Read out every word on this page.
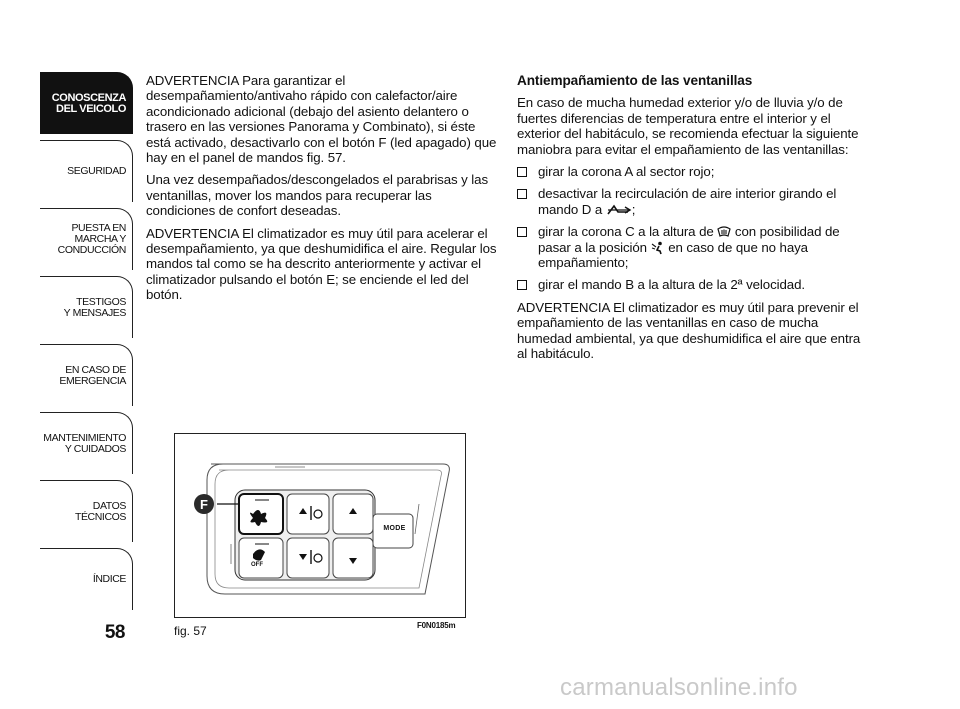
CONOSCENZA
DEL VEICOLO
SEGURIDAD
PUESTA EN
MARCHA Y
CONDUCCIÓN
TESTIGOS
Y MENSAJES
EN CASO DE
EMERGENCIA
MANTENIMIENTO
Y CUIDADOS
DATOS
TÉCNICOS
ÍNDICE
58

ADVERTENCIA Para garantizar el desempañamiento/antivaho rápido con calefactor/aire acondicionado adicional (debajo del asiento delantero o trasero en las versiones Panorama y Combinato), si éste está activado, desactivarlo con el botón F (led apagado) que hay en el panel de mandos fig. 57.

Una vez desempañados/descongelados el parabrisas y las ventanillas, mover los mandos para recuperar las condiciones de confort deseadas.

ADVERTENCIA El climatizador es muy útil para acelerar el desempañamiento, ya que deshumidifica el aire. Regular los mandos tal como se ha descrito anteriormente y activar el climatizador pulsando el botón E; se enciende el led del botón.

Antiempañamiento de las ventanillas

En caso de mucha humedad exterior y/o de lluvia y/o de fuertes diferencias de temperatura entre el interior y el exterior del habitáculo, se recomienda efectuar la siguiente maniobra para evitar el empañamiento de las ventanillas:

girar la corona A al sector rojo;
desactivar la recirculación de aire interior girando el mando D a ;
girar la corona C a la altura de con posibilidad de pasar a la posición en caso de que no haya empañamiento;
girar el mando B a la altura de la 2ª velocidad.

ADVERTENCIA El climatizador es muy útil para prevenir el empañamiento de las ventanillas en caso de mucha humedad ambiental, ya que deshumidifica el aire que entra al habitáculo.

F
MODE
OFF
fig. 57	F0N0185m
carmanualsonline.info
